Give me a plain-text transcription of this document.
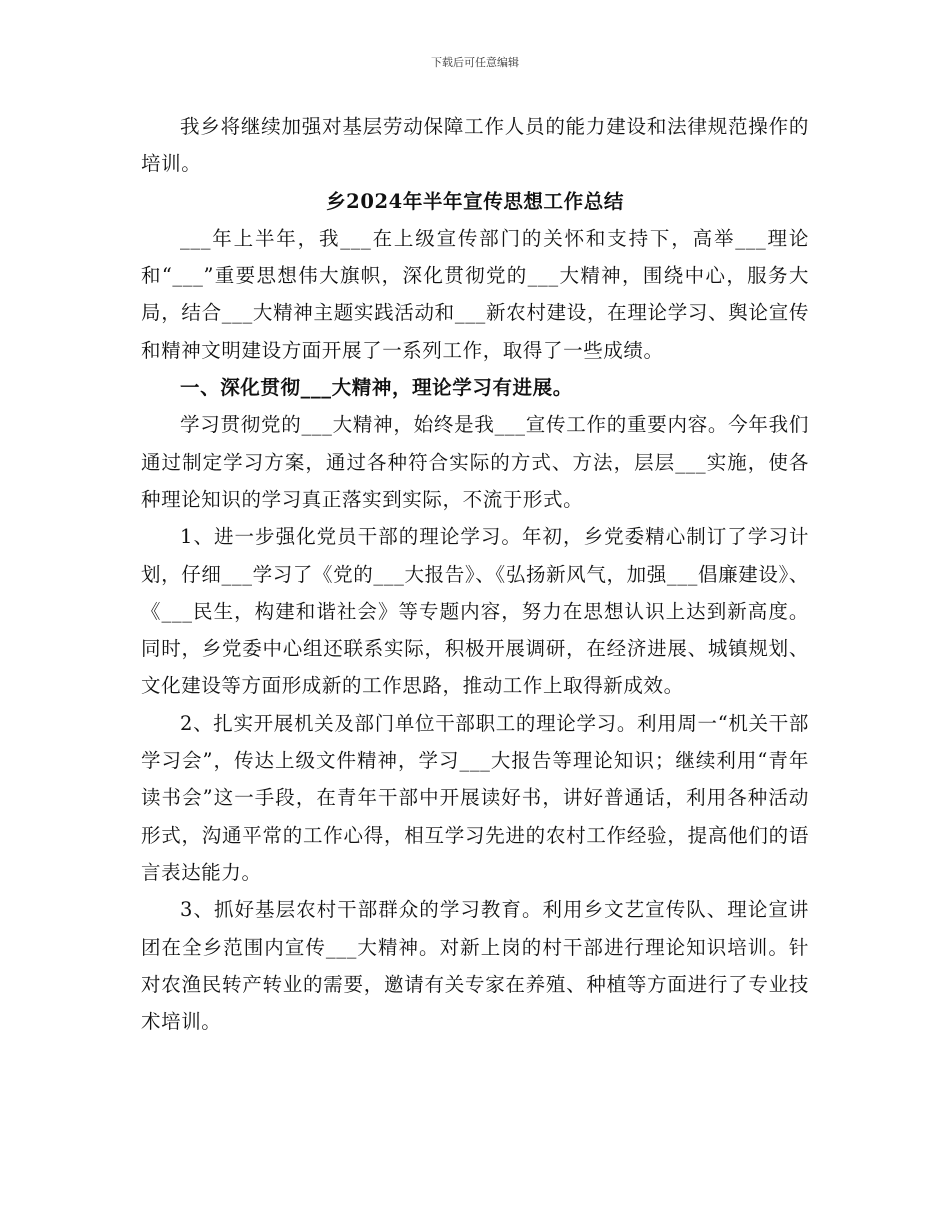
下载后可任意编辑

我乡将继续加强对基层劳动保障工作人员的能力建设和法律规范操作的培训。

乡2024年半年宣传思想工作总结

___年上半年，我___在上级宣传部门的关怀和支持下，高举___理论和“___”重要思想伟大旗帜，深化贯彻党的___大精神，围绕中心，服务大局，结合___大精神主题实践活动和___新农村建设，在理论学习、舆论宣传和精神文明建设方面开展了一系列工作，取得了一些成绩。

一、深化贯彻___大精神，理论学习有进展。

学习贯彻党的___大精神，始终是我___宣传工作的重要内容。今年我们通过制定学习方案，通过各种符合实际的方式、方法，层层___实施，使各种理论知识的学习真正落实到实际，不流于形式。

1、进一步强化党员干部的理论学习。年初，乡党委精心制订了学习计划，仔细___学习了《党的___大报告》、《弘扬新风气，加强___倡廉建设》、《___民生，构建和谐社会》等专题内容，努力在思想认识上达到新高度。同时，乡党委中心组还联系实际，积极开展调研，在经济进展、城镇规划、文化建设等方面形成新的工作思路，推动工作上取得新成效。

2、扎实开展机关及部门单位干部职工的理论学习。利用周一“机关干部学习会”，传达上级文件精神，学习___大报告等理论知识；继续利用“青年读书会”这一手段，在青年干部中开展读好书，讲好普通话，利用各种活动形式，沟通平常的工作心得，相互学习先进的农村工作经验，提高他们的语言表达能力。

3、抓好基层农村干部群众的学习教育。利用乡文艺宣传队、理论宣讲团在全乡范围内宣传___大精神。对新上岗的村干部进行理论知识培训。针对农渔民转产转业的需要，邀请有关专家在养殖、种植等方面进行了专业技术培训。
